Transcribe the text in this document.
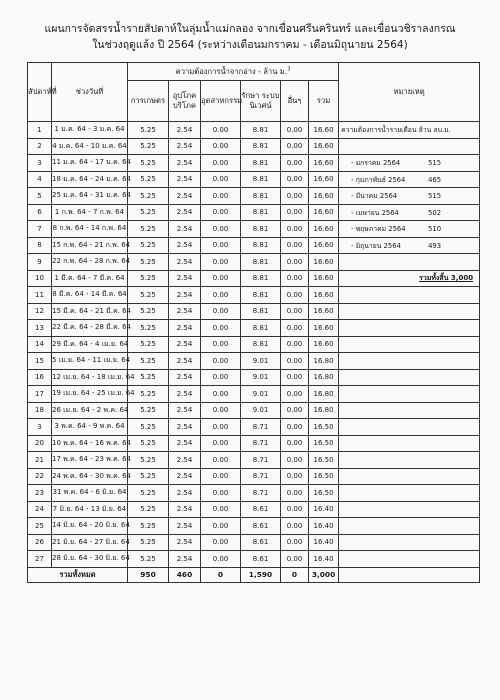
แผนการจัดสรรน้ำรายสัปดาห์ในลุ่มน้ำแม่กลอง จากเขื่อนศรีนครินทร์ และเขื่อนวชิราลงกรณ
ในช่วงฤดูแล้ง ปี 2564 (ระหว่างเดือนมกราคม - เดือนมิถุนายน 2564)
สัปดาห์ที่	ช่วงวันที่	ความต้องการน้ำจากอ่าง - ล้าน ม.$^3$						หมายเหตุ
		การเกษตร	อุปโภค บริโภค	อุตสาหกรรม	รักษา ระบบนิเวศน์	อื่นๆ	รวม	
1	1 ม.ค. 64 - 3 ม.ค. 64	5.25	2.54	0.00	8.81	0.00	16.60	ความต้องการน้ำรายเดือน ล้าน ลบ.ม.
2	4 ม.ค. 64 - 10 ม.ค. 64	5.25	2.54	0.00	8.81	0.00	16.60	
3	11 ม.ค. 64 - 17 ม.ค. 64	5.25	2.54	0.00	8.81	0.00	16.60	- มกราคม 2564 515
4	18 ม.ค. 64 - 24 ม.ค. 64	5.25	2.54	0.00	8.81	0.00	16.60	- กุมภาพันธ์ 2564 465
5	25 ม.ค. 64 - 31 ม.ค. 64	5.25	2.54	0.00	8.81	0.00	16.60	- มีนาคม 2564 515
6	1 ก.พ. 64 - 7 ก.พ. 64	5.25	2.54	0.00	8.81	0.00	16.60	- เมษายน 2564 502
7	8 ก.พ. 64 - 14 ก.พ. 64	5.25	2.54	0.00	8.81	0.00	16.60	- พฤษภาคม 2564 510
8	15 ก.พ. 64 - 21 ก.พ. 64	5.25	2.54	0.00	8.81	0.00	16.60	- มิถุนายน 2564 493
9	22 ก.พ. 64 - 28 ก.พ. 64	5.25	2.54	0.00	8.81	0.00	16.60	
10	1 มี.ค. 64 - 7 มี.ค. 64	5.25	2.54	0.00	8.81	0.00	16.60	รวมทั้งสิ้น 3,000
11	8 มี.ค. 64 - 14 มี.ค. 64	5.25	2.54	0.00	8.81	0.00	16.60	
12	15 มี.ค. 64 - 21 มี.ค. 64	5.25	2.54	0.00	8.81	0.00	16.60	
13	22 มี.ค. 64 - 28 มี.ค. 64	5.25	2.54	0.00	8.81	0.00	16.60	
14	29 มี.ค. 64 - 4 เม.ย. 64	5.25	2.54	0.00	8.81	0.00	16.60	
15	5 เม.ย. 64 - 11 เม.ย. 64	5.25	2.54	0.00	9.01	0.00	16.80	
16	12 เม.ย. 64 - 18 เม.ย. 64	5.25	2.54	0.00	9.01	0.00	16.80	
17	19 เม.ย. 64 - 25 เม.ย. 64	5.25	2.54	0.00	9.01	0.00	16.80	
18	26 เม.ย. 64 - 2 พ.ค. 64	5.25	2.54	0.00	9.01	0.00	16.80	
3	3 พ.ค. 64 - 9 พ.ค. 64	5.25	2.54	0.00	8.71	0.00	16.50	
20	10 พ.ค. 64 - 16 พ.ค. 64	5.25	2.54	0.00	8.71	0.00	16.50	
21	17 พ.ค. 64 - 23 พ.ค. 64	5.25	2.54	0.00	8.71	0.00	16.50	
22	24 พ.ค. 64 - 30 พ.ค. 64	5.25	2.54	0.00	8.71	0.00	16.50	
23	31 พ.ค. 64 - 6 มิ.ย. 64	5.25	2.54	0.00	8.71	0.00	16.50	
24	7 มิ.ย. 64 - 13 มิ.ย. 64	5.25	2.54	0.00	8.61	0.00	16.40	
25	14 มิ.ย. 64 - 20 มิ.ย. 64	5.25	2.54	0.00	8.61	0.00	16.40	
26	21 มิ.ย. 64 - 27 มิ.ย. 64	5.25	2.54	0.00	8.61	0.00	16.40	
27	28 มิ.ย. 64 - 30 มิ.ย. 64	5.25	2.54	0.00	8.61	0.00	16.40	
รวมทั้งหมด		950	460	0	1,590	0	3,000	
